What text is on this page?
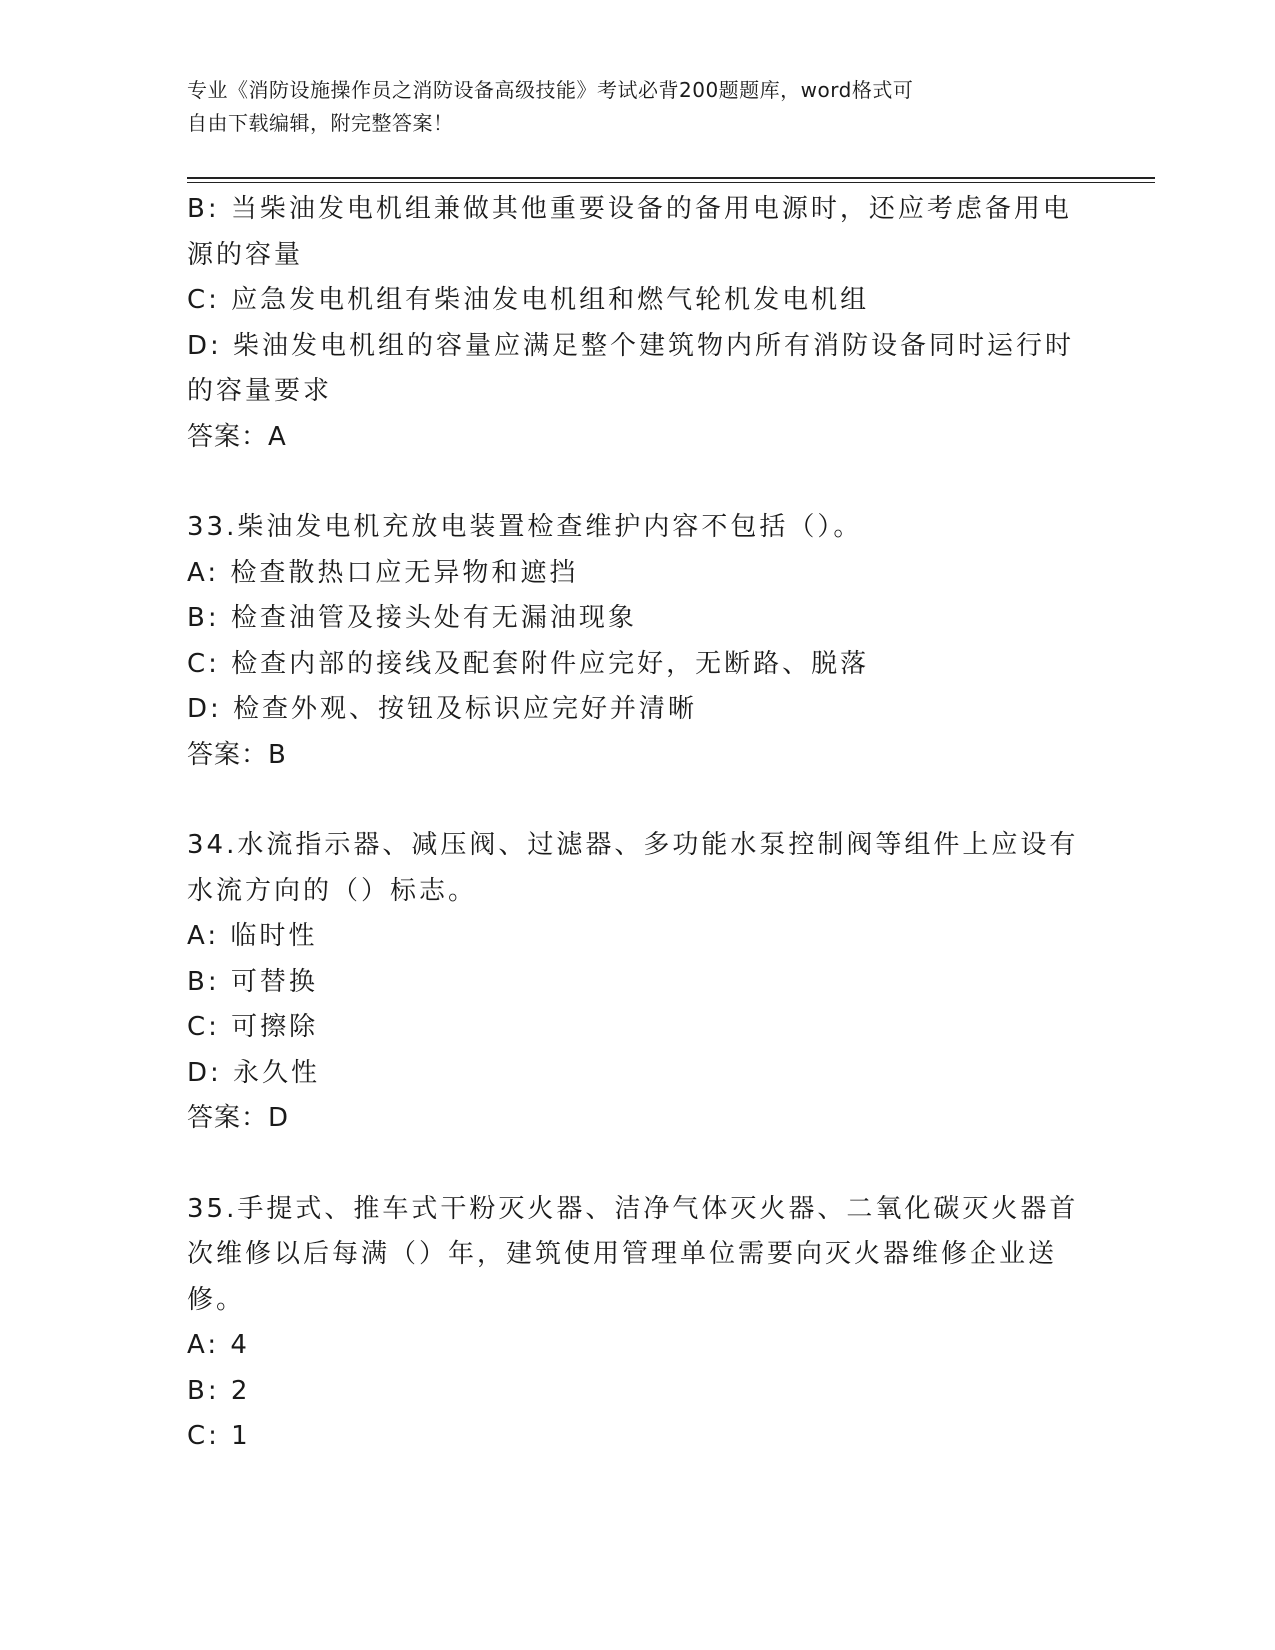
专业《消防设施操作员之消防设备高级技能》考试必背200题题库，word格式可
自由下载编辑，附完整答案！
B: 当柴油发电机组兼做其他重要设备的备用电源时，还应考虑备用电
源的容量
C: 应急发电机组有柴油发电机组和燃气轮机发电机组
D: 柴油发电机组的容量应满足整个建筑物内所有消防设备同时运行时
的容量要求
答案：A
33.柴油发电机充放电装置检查维护内容不包括（）。
A: 检查散热口应无异物和遮挡
B: 检查油管及接头处有无漏油现象
C: 检查内部的接线及配套附件应完好，无断路、脱落
D: 检查外观、按钮及标识应完好并清晰
答案：B
34.水流指示器、减压阀、过滤器、多功能水泵控制阀等组件上应设有
水流方向的（）标志。
A: 临时性
B: 可替换
C: 可擦除
D: 永久性
答案：D
35.手提式、推车式干粉灭火器、洁净气体灭火器、二氧化碳灭火器首
次维修以后每满（）年，建筑使用管理单位需要向灭火器维修企业送
修。
A: 4
B: 2
C: 1
